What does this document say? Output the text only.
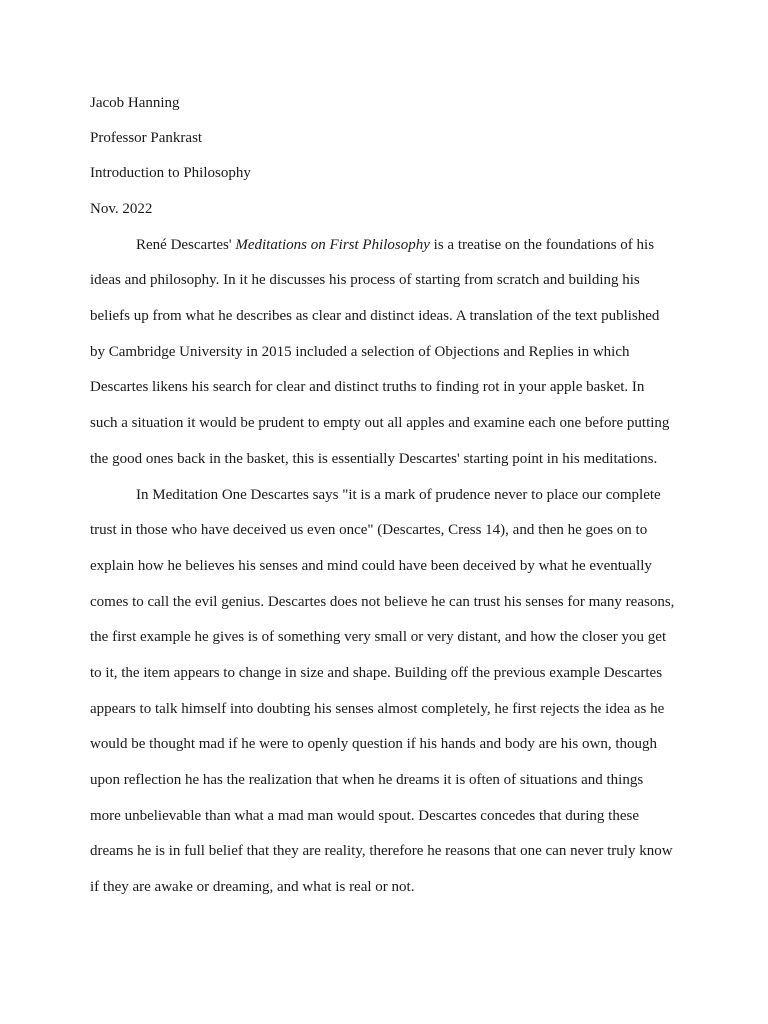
Jacob Hanning
Professor Pankrast
Introduction to Philosophy
Nov. 2022
René Descartes' Meditations on First Philosophy is a treatise on the foundations of his
ideas and philosophy. In it he discusses his process of starting from scratch and building his
beliefs up from what he describes as clear and distinct ideas. A translation of the text published
by Cambridge University in 2015 included a selection of Objections and Replies in which
Descartes likens his search for clear and distinct truths to finding rot in your apple basket. In
such a situation it would be prudent to empty out all apples and examine each one before putting
the good ones back in the basket, this is essentially Descartes' starting point in his meditations.
In Meditation One Descartes says "it is a mark of prudence never to place our complete
trust in those who have deceived us even once" (Descartes, Cress 14), and then he goes on to
explain how he believes his senses and mind could have been deceived by what he eventually
comes to call the evil genius. Descartes does not believe he can trust his senses for many reasons,
the first example he gives is of something very small or very distant, and how the closer you get
to it, the item appears to change in size and shape. Building off the previous example Descartes
appears to talk himself into doubting his senses almost completely, he first rejects the idea as he
would be thought mad if he were to openly question if his hands and body are his own, though
upon reflection he has the realization that when he dreams it is often of situations and things
more unbelievable than what a mad man would spout. Descartes concedes that during these
dreams he is in full belief that they are reality, therefore he reasons that one can never truly know
if they are awake or dreaming, and what is real or not.
